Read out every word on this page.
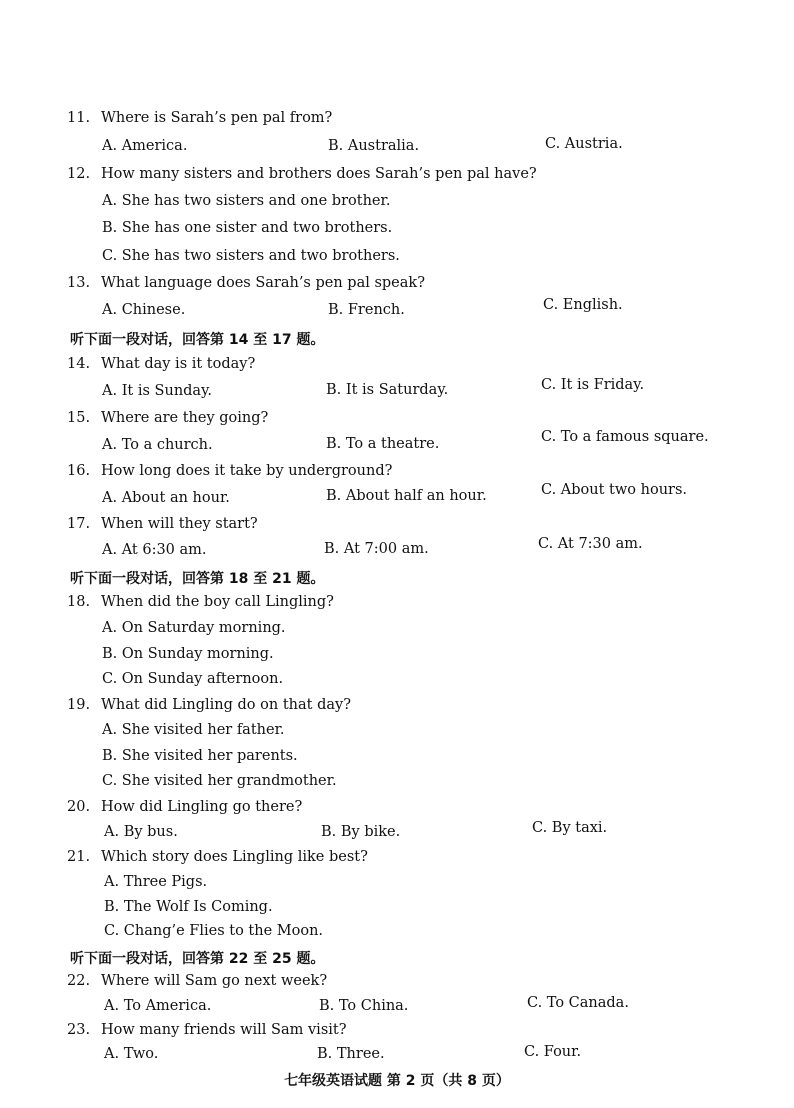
11. Where is Sarah’s pen pal from?
A. America.	B. Australia.	C. Austria.
12. How many sisters and brothers does Sarah’s pen pal have?
A. She has two sisters and one brother.
B. She has one sister and two brothers.
C. She has two sisters and two brothers.
13. What language does Sarah’s pen pal speak?
A. Chinese.	B. French.	C. English.
听下面一段对话，回答第 14 至 17 题。
14. What day is it today?
A. It is Sunday.	B. It is Saturday.	C. It is Friday.
15. Where are they going?
A. To a church.	B. To a theatre.	C. To a famous square.
16. How long does it take by underground?
A. About an hour.	B. About half an hour.	C. About two hours.
17. When will they start?
A. At 6:30 am.	B. At 7:00 am.	C. At 7:30 am.
听下面一段对话，回答第 18 至 21 题。
18. When did the boy call Lingling?
A. On Saturday morning.
B. On Sunday morning.
C. On Sunday afternoon.
19. What did Lingling do on that day?
A. She visited her father.
B. She visited her parents.
C. She visited her grandmother.
20. How did Lingling go there?
A. By bus.	B. By bike.	C. By taxi.
21. Which story does Lingling like best?
A. Three Pigs.
B. The Wolf Is Coming.
C. Chang’e Flies to the Moon.
听下面一段对话，回答第 22 至 25 题。
22. Where will Sam go next week?
A. To America.	B. To China.	C. To Canada.
23. How many friends will Sam visit?
A. Two.	B. Three.	C. Four.
七年级英语试题 第 2 页（共 8 页）
